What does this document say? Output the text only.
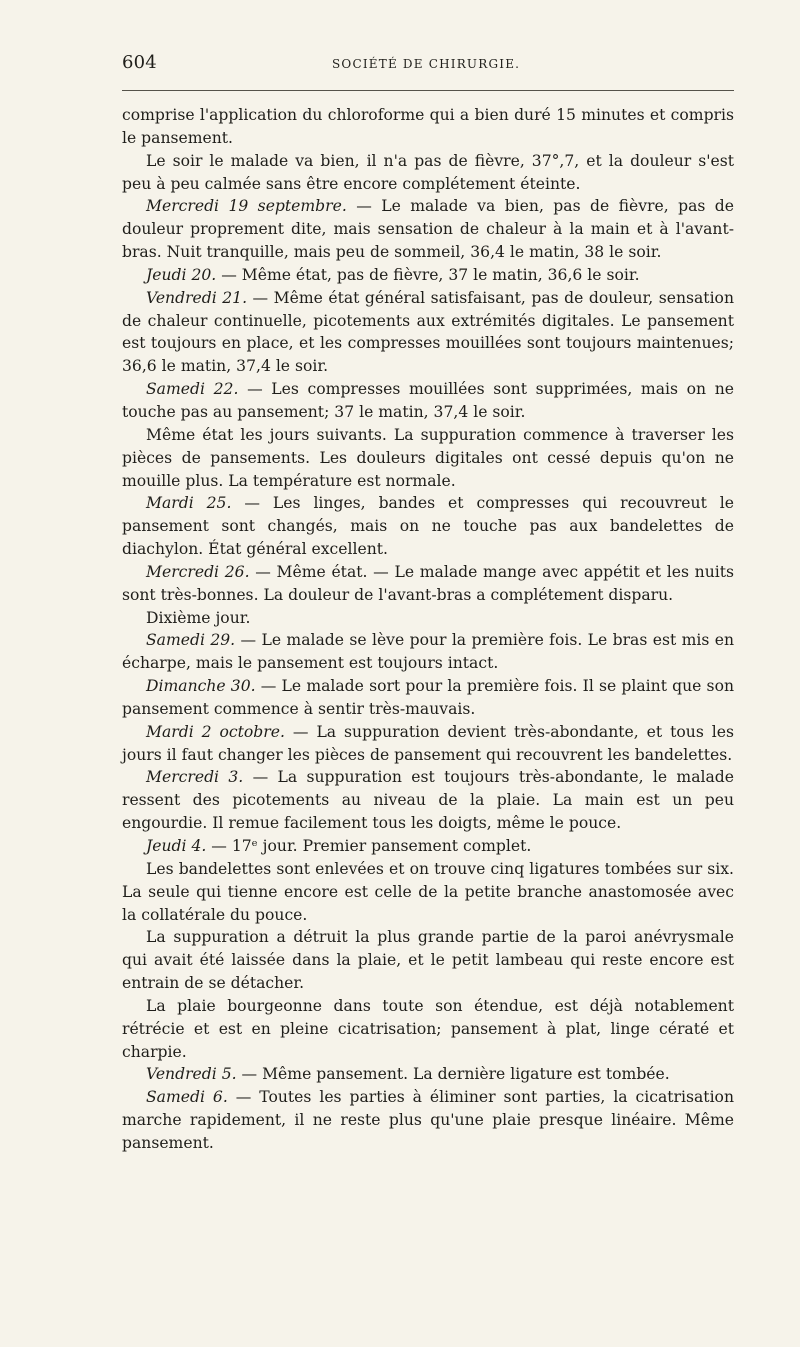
604	SOCIÉTÉ DE CHIRURGIE.

comprise l'application du chloroforme qui a bien duré 15 minutes et compris le pansement.

Le soir le malade va bien, il n'a pas de fièvre, 37°,7, et la douleur s'est peu à peu calmée sans être encore complétement éteinte.

Mercredi 19 septembre. — Le malade va bien, pas de fièvre, pas de douleur proprement dite, mais sensation de chaleur à la main et à l'avant-bras. Nuit tranquille, mais peu de sommeil, 36,4 le matin, 38 le soir.

Jeudi 20. — Même état, pas de fièvre, 37 le matin, 36,6 le soir.

Vendredi 21. — Même état général satisfaisant, pas de douleur, sensation de chaleur continuelle, picotements aux extrémités digitales. Le pansement est toujours en place, et les compresses mouillées sont toujours maintenues; 36,6 le matin, 37,4 le soir.

Samedi 22. — Les compresses mouillées sont supprimées, mais on ne touche pas au pansement; 37 le matin, 37,4 le soir.

Même état les jours suivants. La suppuration commence à traverser les pièces de pansements. Les douleurs digitales ont cessé depuis qu'on ne mouille plus. La température est normale.

Mardi 25. — Les linges, bandes et compresses qui recouvreut le pansement sont changés, mais on ne touche pas aux bandelettes de diachylon. État général excellent.

Mercredi 26. — Même état. — Le malade mange avec appétit et les nuits sont très-bonnes. La douleur de l'avant-bras a complétement disparu.

Dixième jour.

Samedi 29. — Le malade se lève pour la première fois. Le bras est mis en écharpe, mais le pansement est toujours intact.

Dimanche 30. — Le malade sort pour la première fois. Il se plaint que son pansement commence à sentir très-mauvais.

Mardi 2 octobre. — La suppuration devient très-abondante, et tous les jours il faut changer les pièces de pansement qui recouvrent les bandelettes.

Mercredi 3. — La suppuration est toujours très-abondante, le malade ressent des picotements au niveau de la plaie. La main est un peu engourdie. Il remue facilement tous les doigts, même le pouce.

Jeudi 4. — 17ᵉ jour. Premier pansement complet.

Les bandelettes sont enlevées et on trouve cinq ligatures tombées sur six. La seule qui tienne encore est celle de la petite branche anastomosée avec la collatérale du pouce.

La suppuration a détruit la plus grande partie de la paroi anévrysmale qui avait été laissée dans la plaie, et le petit lambeau qui reste encore est entrain de se détacher.

La plaie bourgeonne dans toute son étendue, est déjà notablement rétrécie et est en pleine cicatrisation; pansement à plat, linge cératé et charpie.

Vendredi 5. — Même pansement. La dernière ligature est tombée.

Samedi 6. — Toutes les parties à éliminer sont parties, la cicatrisation marche rapidement, il ne reste plus qu'une plaie presque linéaire. Même pansement.
